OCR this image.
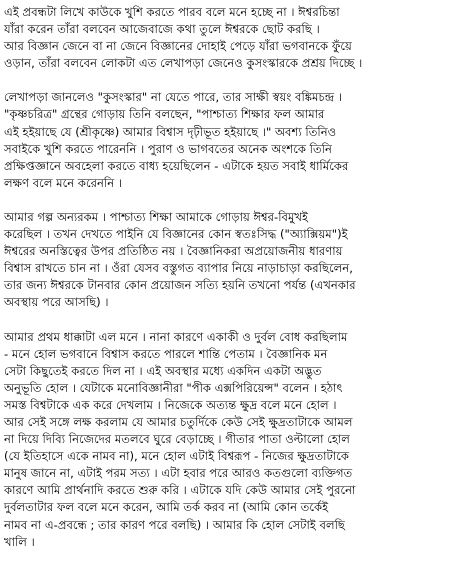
এই প্রবন্ধটা লিখে কাউকে খুশি করতে পারব বলে মনে হচ্ছে না । ঈশ্বরচিন্তা
যাঁরা করেন তাঁরা বলবেন আজেবাজে কথা তুলে ঈশ্বরকে ছোট করছি ।
আর বিজ্ঞান জেনে বা না জেনে বিজ্ঞানের দোহাই পেড়ে যাঁরা ভগবানকে ফুঁয়ে
ওড়ান, তাঁরা বলবেন লোকটা এত লেখাপড়া জেনেও কুসংস্কারকে প্রশ্রয় দিচ্ছে ।

লেখাপড়া জানলেও "কুসংস্কার" না যেতে পারে, তার সাক্ষী স্বয়ং বঙ্কিমচন্দ্র ।
"কৃষ্ণচরিত্র" গ্রন্থের গোড়ায় তিনি বলছেন, "পাশ্চাত্য শিক্ষার ফল আমার
এই হইয়াছে যে (শ্রীকৃষ্ণে) আমার বিশ্বাস দৃঢ়ীভূত হইয়াছে ।" অবশ্য তিনিও
সবাইকে খুশি করতে পারেননি । পুরাণ ও ভাগবতের অনেক অংশকে তিনি
প্রক্ষিপ্তজ্ঞানে অবহেলা করতে বাধ্য হয়েছিলেন - এটাকে হয়ত সবাই ধার্মিকের
লক্ষণ বলে মনে করেননি ।

আমার গল্প অন্যরকম । পাশ্চাত্য শিক্ষা আমাকে গোড়ায় ঈশ্বর-বিমুখই
করেছিল । তখন দেখতে পাইনি যে বিজ্ঞানের কোন স্বতঃসিদ্ধ ("অ্যাক্সিয়ম")ই
ঈশ্বরের অনস্তিত্বের উপর প্রতিষ্ঠিত নয় । বৈজ্ঞানিকরা অপ্রয়োজনীয় ধারণায়
বিশ্বাস রাখতে চান না । ওঁরা যেসব বস্তুগত ব্যাপার নিয়ে নাড়াচাড়া করছিলেন,
তার জন্য ঈশ্বরকে টানবার কোন প্রয়োজন সত্যি হয়নি তখনো পর্যন্ত (এখনকার
অবস্থায় পরে আসছি) ।

আমার প্রথম ধাক্কাটা এল মনে । নানা কারণে একাকী ও দুর্বল বোধ করছিলাম
- মনে হোল ভগবানে বিশ্বাস করতে পারলে শান্তি পেতাম । বৈজ্ঞানিক মন
সেটা কিছুতেই করতে দিল না । এই অবস্থার মধ্যে একদিন একটা অদ্ভুত
অনুভূতি হোল । যেটাকে মনোবিজ্ঞানীরা "পীক এক্সপিরিয়েন্স" বলেন । হঠাৎ
সমস্ত বিশ্বটাকে এক করে দেখলাম । নিজেকে অত্যন্ত ক্ষুদ্র বলে মনে হোল ।
আর সেই সঙ্গে লক্ষ করলাম যে আমার চতুর্দিকে কেউ সেই ক্ষুদ্রতাটাকে আমল
না দিয়ে দিব্যি নিজেদের মতলবে ঘুরে বেড়াচ্ছে । গীতার পাতা ওল্টালো হোল
(যে ইতিহাসে একে নামব না), মনে হোল এটাই বিশ্বরূপ - নিজের ক্ষুদ্রতাটাকে
মানুষ জানে না, এটাই পরম সত্য । এটা হবার পরে আরও কতগুলো ব্যক্তিগত
কারণে আমি প্রার্থনাদি করতে শুরু করি । এটাকে যদি কেউ আমার সেই পুরনো
দুর্বলতাটার ফল বলে মনে করেন, আমি তর্ক করব না (আমি কোন তর্কেই
নামব না এ-প্রবন্ধে ; তার কারণ পরে বলছি) । আমার কি হোল সেটাই বলছি
খালি ।
